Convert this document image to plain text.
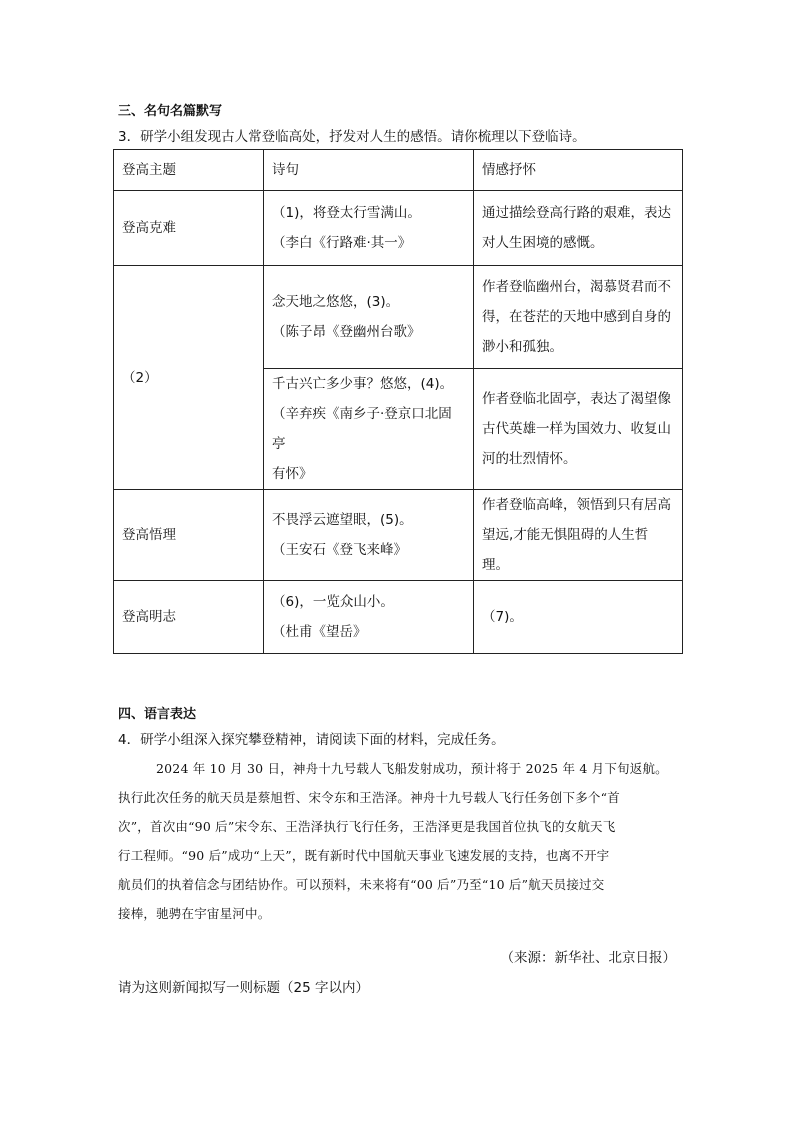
三、名句名篇默写
3．研学小组发现古人常登临高处，抒发对人生的感悟。请你梳理以下登临诗。
登高主题	诗句	情感抒怀
登高克难	（1)，将登太行雪满山。
（李白《行路难·其一》	通过描绘登高行路的艰难，表达
对人生困境的感慨。

（2）	念天地之悠悠，(3)。
（陈子昂《登幽州台歌》	作者登临幽州台，渴慕贤君而不
得，在苍茫的天地中感到自身的
渺小和孤独。

	千古兴亡多少事？悠悠，(4)。
（辛弃疾《南乡子·登京口北固亭
有怀》	作者登临北固亭，表达了渴望像
古代英雄一样为国效力、收复山
河的壮烈情怀。

登高悟理	不畏浮云遮望眼，(5)。
（王安石《登飞来峰》	作者登临高峰，领悟到只有居高
望远,才能无惧阻碍的人生哲理。

登高明志	（6)，一览众山小。
（杜甫《望岳》	（7)。
四、语言表达
4．研学小组深入探究攀登精神，请阅读下面的材料，完成任务。
2024 年 10 月 30 日，神舟十九号载人飞船发射成功，预计将于 2025 年 4 月下旬返航。
执行此次任务的航天员是蔡旭哲、宋令东和王浩泽。神舟十九号载人飞行任务创下多个“首
次”，首次由“90 后”宋令东、王浩泽执行飞行任务，王浩泽更是我国首位执飞的女航天飞
行工程师。“90 后”成功“上天”，既有新时代中国航天事业飞速发展的支持，也离不开宇
航员们的执着信念与团结协作。可以预料，未来将有“00 后”乃至“10 后”航天员接过交
接棒，驰骋在宇宙星河中。
（来源：新华社、北京日报）
请为这则新闻拟写一则标题（25 字以内）
